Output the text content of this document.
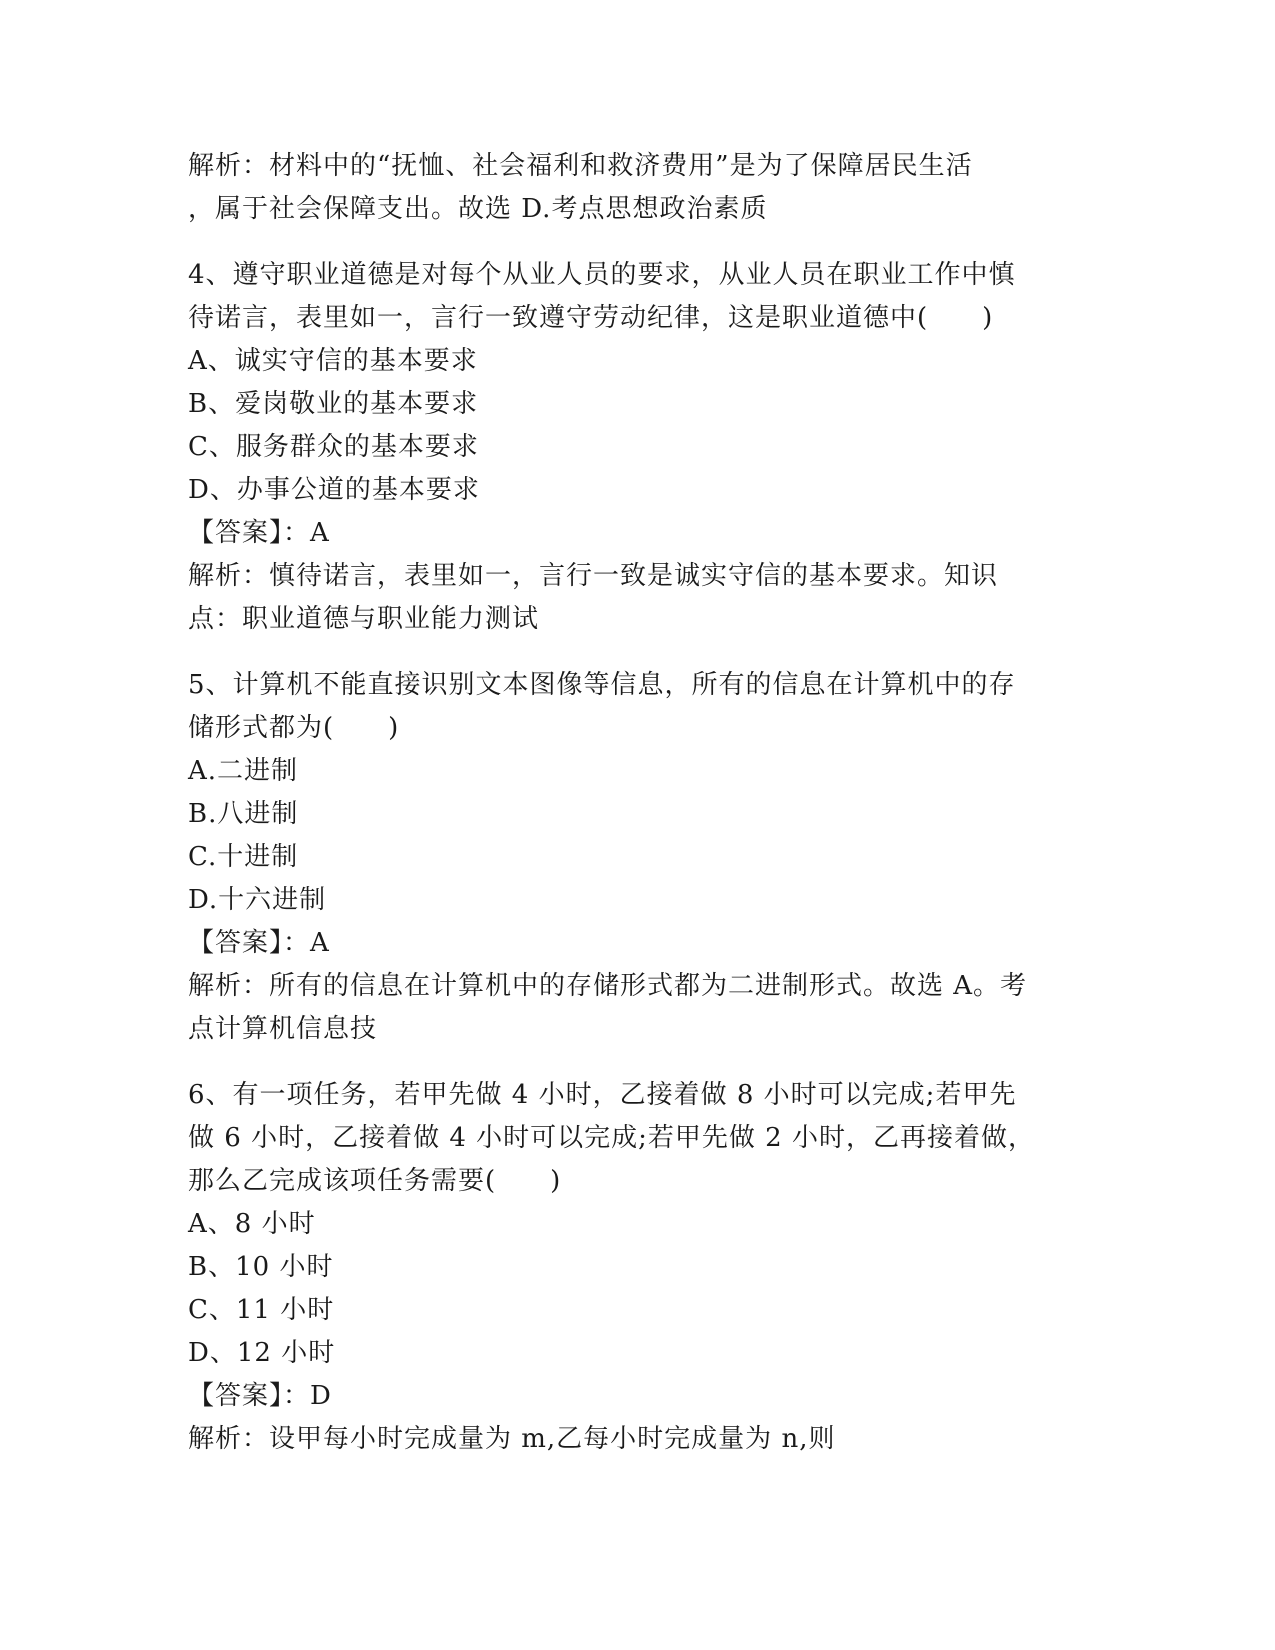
解析：材料中的“抚恤、社会福利和救济费用”是为了保障居民生活
，属于社会保障支出。故选 D.考点思想政治素质
4、遵守职业道德是对每个从业人员的要求，从业人员在职业工作中慎
待诺言，表里如一，言行一致遵守劳动纪律，这是职业道德中(　　)
A、诚实守信的基本要求
B、爱岗敬业的基本要求
C、服务群众的基本要求
D、办事公道的基本要求
【答案】：A
解析：慎待诺言，表里如一，言行一致是诚实守信的基本要求。知识
点：职业道德与职业能力测试
5、计算机不能直接识别文本图像等信息，所有的信息在计算机中的存
储形式都为(　　)
A.二进制
B.八进制
C.十进制
D.十六进制
【答案】：A
解析：所有的信息在计算机中的存储形式都为二进制形式。故选 A。考
点计算机信息技
6、有一项任务，若甲先做 4 小时，乙接着做 8 小时可以完成;若甲先
做 6 小时，乙接着做 4 小时可以完成;若甲先做 2 小时，乙再接着做，
那么乙完成该项任务需要(　　)
A、8 小时
B、10 小时
C、11 小时
D、12 小时
【答案】：D
解析：设甲每小时完成量为 m,乙每小时完成量为 n,则
